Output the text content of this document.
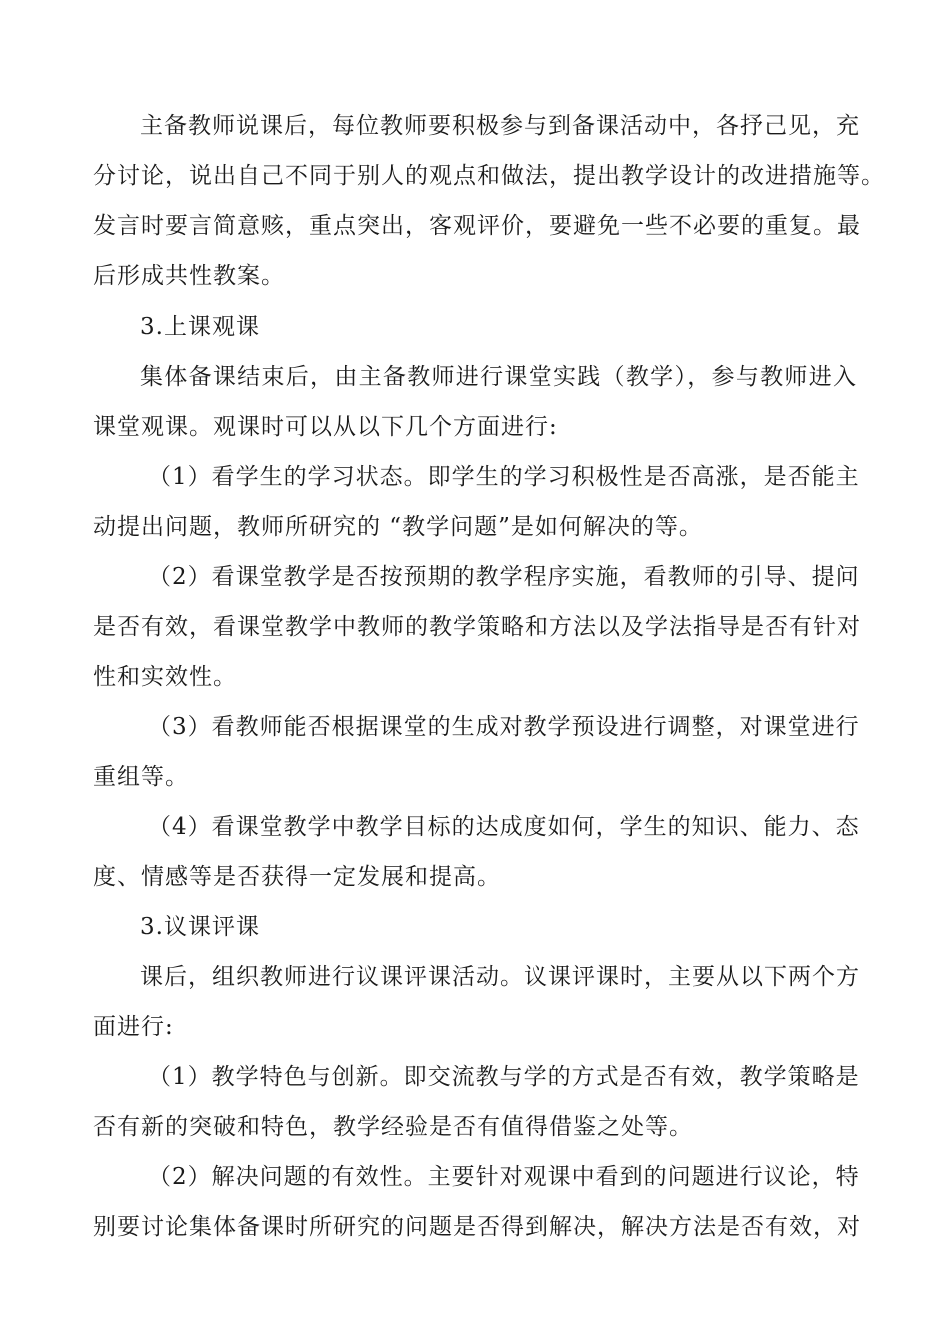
主备教师说课后，每位教师要积极参与到备课活动中，各抒己见，充
分讨论，说出自己不同于别人的观点和做法，提出教学设计的改进措施等。
发言时要言简意赅，重点突出，客观评价，要避免一些不必要的重复。最
后形成共性教案。
3.上课观课
集体备课结束后，由主备教师进行课堂实践（教学），参与教师进入
课堂观课。观课时可以从以下几个方面进行:
（1）看学生的学习状态。即学生的学习积极性是否高涨，是否能主
动提出问题，教师所研究的 “教学问题”是如何解决的等。
（2）看课堂教学是否按预期的教学程序实施，看教师的引导、提问
是否有效，看课堂教学中教师的教学策略和方法以及学法指导是否有针对
性和实效性。
（3）看教师能否根据课堂的生成对教学预设进行调整，对课堂进行
重组等。
（4）看课堂教学中教学目标的达成度如何，学生的知识、能力、态
度、情感等是否获得一定发展和提高。
3.议课评课
课后，组织教师进行议课评课活动。议课评课时，主要从以下两个方
面进行:
（1）教学特色与创新。即交流教与学的方式是否有效，教学策略是
否有新的突破和特色，教学经验是否有值得借鉴之处等。
（2）解决问题的有效性。主要针对观课中看到的问题进行议论，特
别要讨论集体备课时所研究的问题是否得到解决，解决方法是否有效，对
